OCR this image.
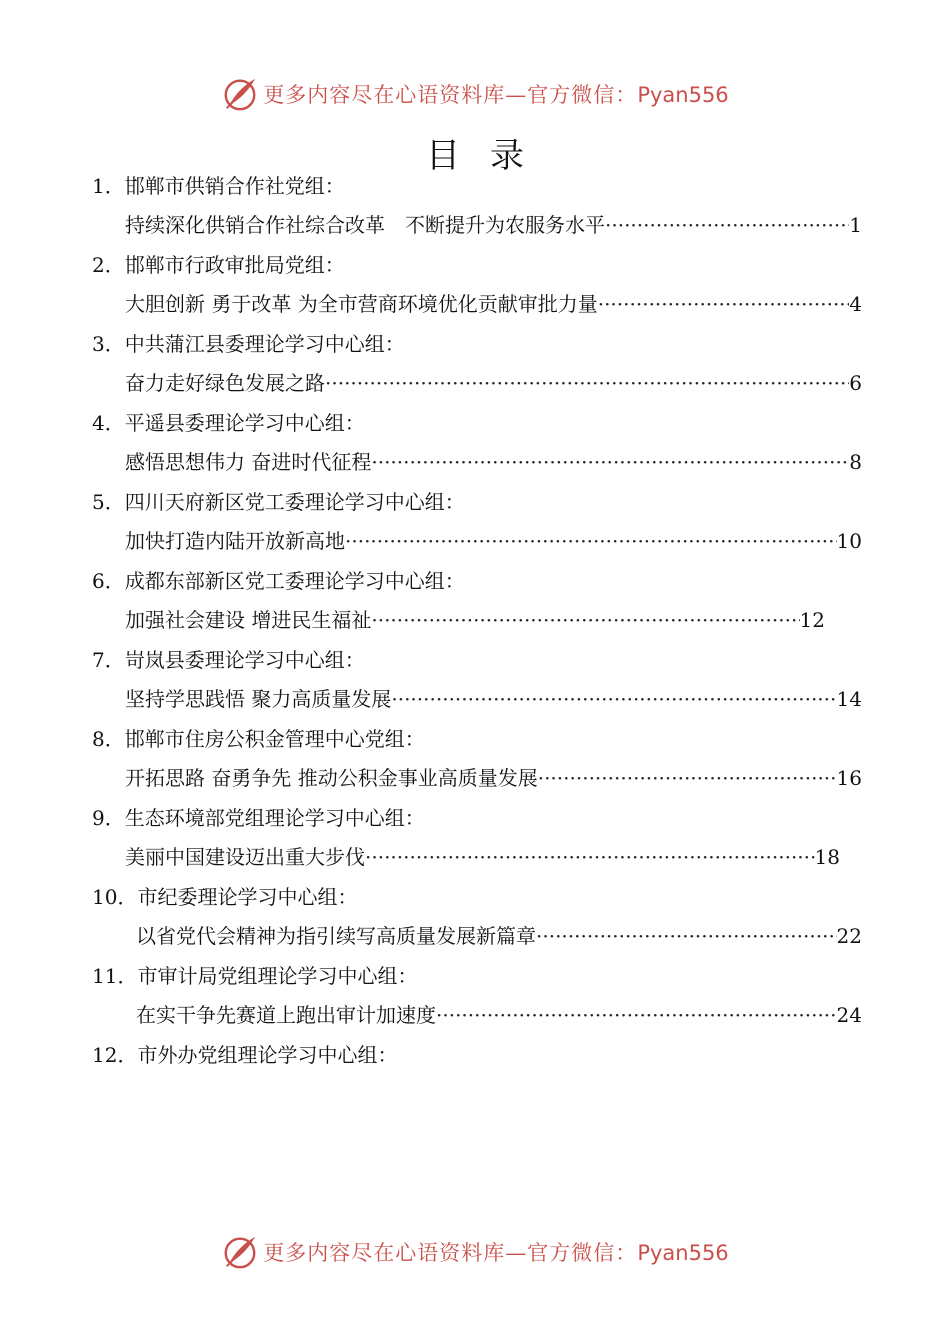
更多内容尽在心语资料库—官方微信：Pyan556
目录
1．邯郸市供销合作社党组：
持续深化供销合作社综合改革　不断提升为农服务水平 ·····	1
2．邯郸市行政审批局党组：
大胆创新 勇于改革 为全市营商环境优化贡献审批力量 ·····	4
3．中共蒲江县委理论学习中心组：
奋力走好绿色发展之路 ·····	6
4．平遥县委理论学习中心组：
感悟思想伟力 奋进时代征程 ·····	8
5．四川天府新区党工委理论学习中心组：
加快打造内陆开放新高地 ·····	10
6．成都东部新区党工委理论学习中心组：
加强社会建设 增进民生福祉 ·····	12
7．岢岚县委理论学习中心组：
坚持学思践悟 聚力高质量发展 ·····	14
8．邯郸市住房公积金管理中心党组：
开拓思路 奋勇争先 推动公积金事业高质量发展 ·····	16
9．生态环境部党组理论学习中心组：
美丽中国建设迈出重大步伐 ·····	18
10．市纪委理论学习中心组：
以省党代会精神为指引续写高质量发展新篇章 ·····	22
11．市审计局党组理论学习中心组：
在实干争先赛道上跑出审计加速度 ·····	24
12．市外办党组理论学习中心组：
更多内容尽在心语资料库—官方微信：Pyan556
